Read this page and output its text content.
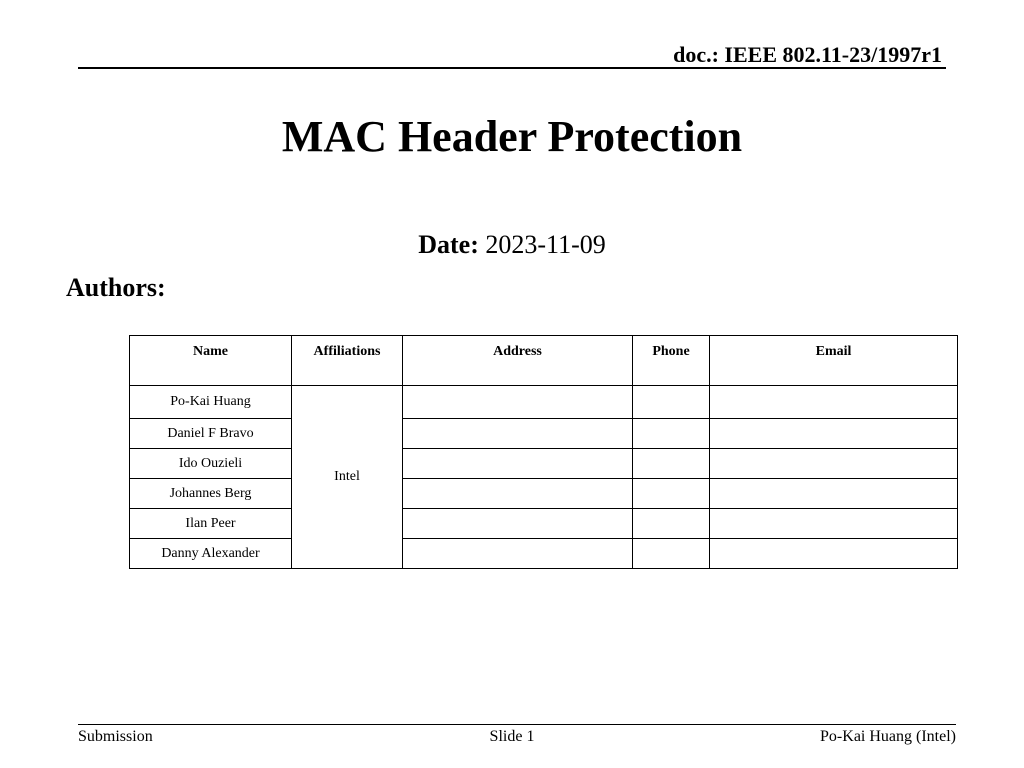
doc.: IEEE 802.11-23/1997r1
MAC Header Protection
Date: 2023-11-09
Authors:
Name	Affiliations	Address	Phone	Email
Po-Kai Huang	Intel			
Daniel F Bravo				
Ido Ouzieli				
Johannes Berg				
Ilan Peer				
Danny Alexander				
Submission	Slide 1	Po-Kai Huang (Intel)
